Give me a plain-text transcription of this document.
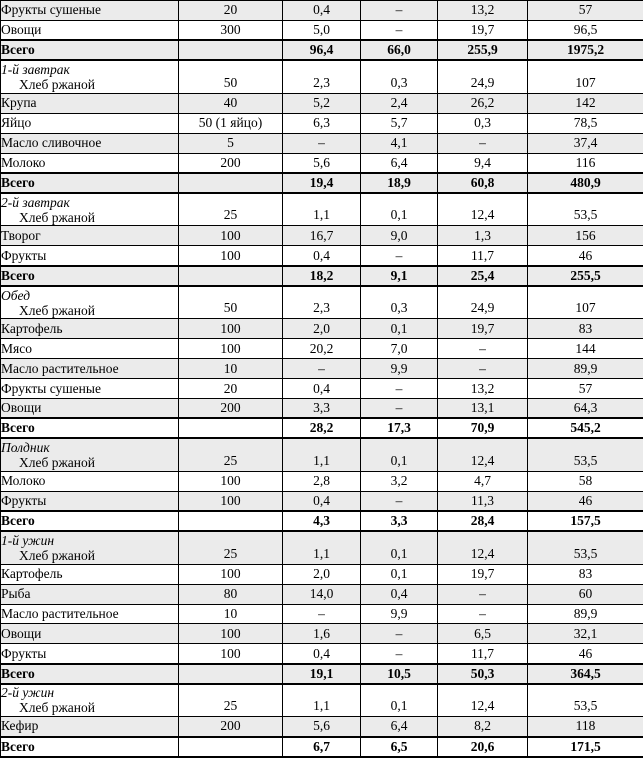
Фрукты сушеные	20	0,4	–	13,2	57
Овощи	300	5,0	–	19,7	96,5
Всего		96,4	66,0	255,9	1975,2

1-й завтрак
Хлеб ржаной	50	2,3	0,3	24,9	107
Крупа	40	5,2	2,4	26,2	142
Яйцо	50 (1 яйцо)	6,3	5,7	0,3	78,5
Масло сливочное	5	–	4,1	–	37,4
Молоко	200	5,6	6,4	9,4	116
Всего		19,4	18,9	60,8	480,9

2-й завтрак
Хлеб ржаной	25	1,1	0,1	12,4	53,5
Творог	100	16,7	9,0	1,3	156
Фрукты	100	0,4	–	11,7	46
Всего		18,2	9,1	25,4	255,5

Обед
Хлеб ржаной	50	2,3	0,3	24,9	107
Картофель	100	2,0	0,1	19,7	83
Мясо	100	20,2	7,0	–	144
Масло растительное	10	–	9,9	–	89,9
Фрукты сушеные	20	0,4	–	13,2	57
Овощи	200	3,3	–	13,1	64,3
Всего		28,2	17,3	70,9	545,2

Полдник
Хлеб ржаной	25	1,1	0,1	12,4	53,5
Молоко	100	2,8	3,2	4,7	58
Фрукты	100	0,4	–	11,3	46
Всего		4,3	3,3	28,4	157,5

1-й ужин
Хлеб ржаной	25	1,1	0,1	12,4	53,5
Картофель	100	2,0	0,1	19,7	83
Рыба	80	14,0	0,4	–	60
Масло растительное	10	–	9,9	–	89,9
Овощи	100	1,6	–	6,5	32,1
Фрукты	100	0,4	–	11,7	46
Всего		19,1	10,5	50,3	364,5

2-й ужин
Хлеб ржаной	25	1,1	0,1	12,4	53,5
Кефир	200	5,6	6,4	8,2	118
Всего		6,7	6,5	20,6	171,5
